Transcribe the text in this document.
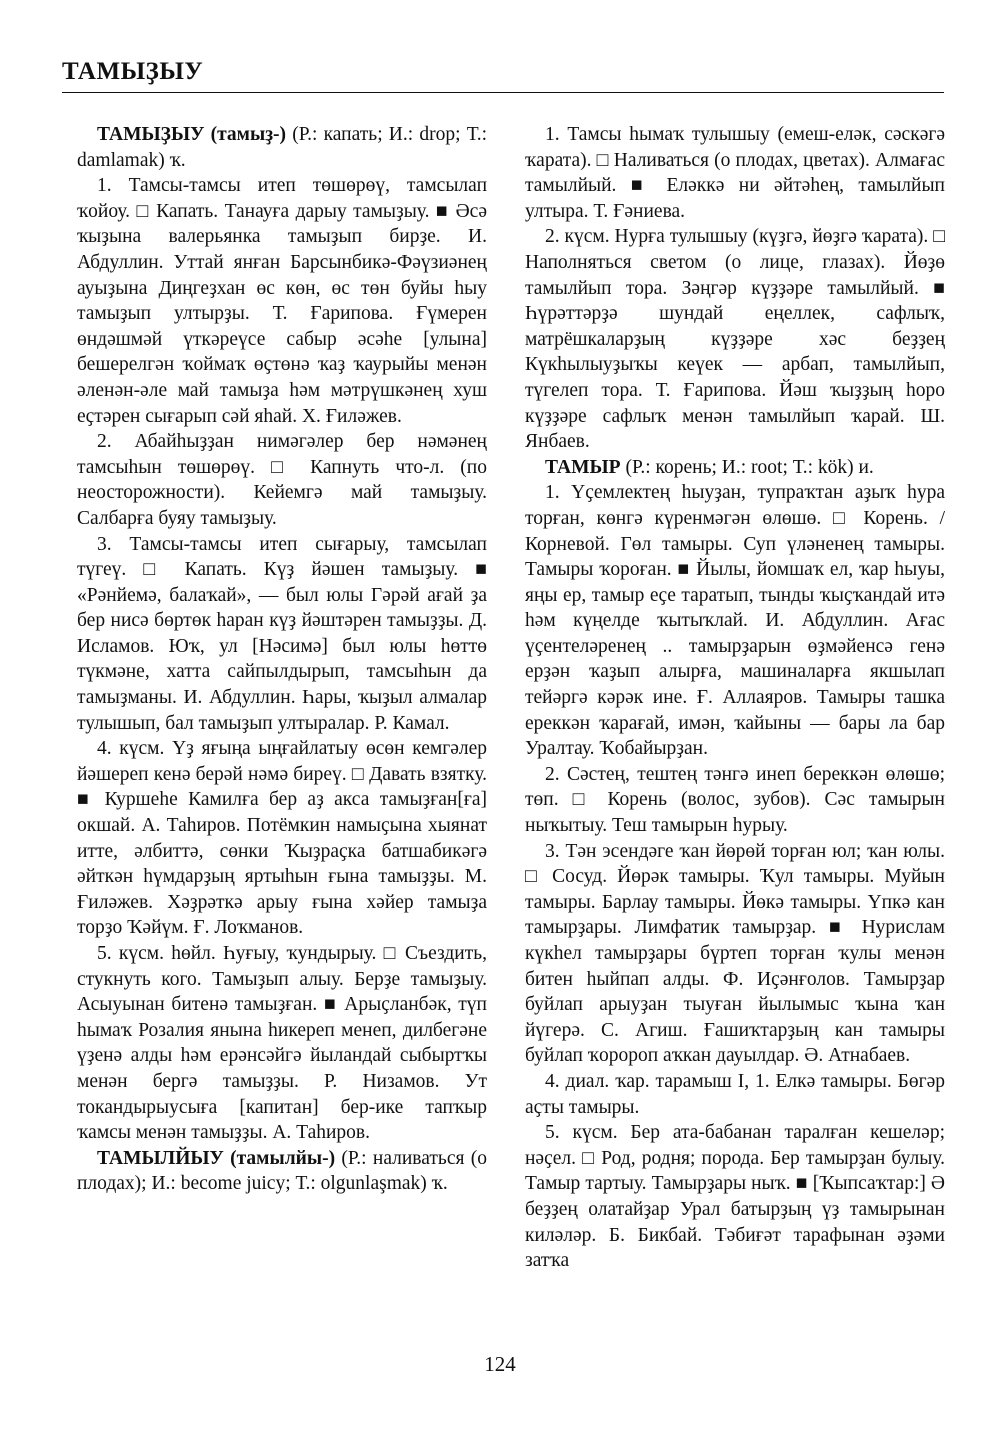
ТАМЫҘЫУ

ТАМЫҘЫУ (тамыҙ-) (Р.: капать; И.: drop; Т.: damlamak) ҡ.

1. Тамсы-тамсы итеп төшөрөү, тамсылап ҡойоу. □ Капать. Танауға дарыу тамыҙыу. ■ Әсә ҡыҙына валерьянка тамыҙып бирҙе. И. Абдуллин. Уттай янған Барсынбикә-Фәүзиәнең ауыҙына Диңгеҙхан өс көн, өс төн буйы һыу тамыҙып ултырҙы. Т. Ғарипова. Ғүмерен өндәшмәй үткәреүсе сабыр әсәһе [улына] бешерелгән ҡоймаҡ өҫтөнә ҡаҙ ҡаурыйы менән әленән-әле май тамыҙа һәм мәтрүшкәнең хуш еҫтәрен сығарып сәй яһай. Х. Ғиләжев.

2. Абайһыҙҙан нимәгәлер бер нәмәнең тамсыһын төшөрөү. □ Капнуть что-л. (по неосторожности). Кейемгә май тамыҙыу. Салбарға буяу тамыҙыу.

3. Тамсы-тамсы итеп сығарыу, тамсылап түгеү. □ Капать. Күҙ йәшен тамыҙыу. ■ «Рәнйемә, балаҡай», — был юлы Гәрәй ағай ҙа бер нисә бөртөк һаран күҙ йәштәрен тамыҙҙы. Д. Исламов. Юҡ, ул [Нәсимә] был юлы һөттө түкмәне, хатта сайпылдырып, тамсыһын да тамыҙманы. И. Абдуллин. Һары, ҡыҙыл алмалар тулышып, бал тамыҙып ултыралар. Р. Камал.

4. күсм. Үҙ яғыңа ыңғайлатыу өсөн кемгәлер йәшереп кенә берәй нәмә биреү. □ Давать взятку. ■ Куршеһе Камилға бер аҙ акса тамыҙған[ға] окшай. А. Таһиров. Потёмкин намыҫына хыянат итте, әлбиттә, сөнки Ҡыҙраҫка батшабикәгә әйткән һүмдарҙың яртыһын ғына тамыҙҙы. М. Ғиләжев. Хәҙрәткә арыу ғына хәйер тамыҙа торҙо Ҡәйүм. Ғ. Лоҡманов.

5. күсм. һөйл. Һуғыу, ҡундырыу. □ Съездить, стукнуть кого. Тамыҙып алыу. Берҙе тамыҙыу. Асыуынан битенә тамыҙған. ■ Арыҫланбәк, түп һымаҡ Розалия янына һикереп менеп, дилбегәне үҙенә алды һәм ерәнсәйгә йыландай сыбыртҡы менән бергә тамыҙҙы. Р. Низамов. Ут токандырыусыға [капитан] бер-ике тапҡыр ҡамсы менән тамыҙҙы. А. Таһиров.

ТАМЫЛЙЫУ (тамылйы-) (Р.: наливаться (о плодах); И.: become juicy; Т.: olgunlaşmak) ҡ.

1. Тамсы һымаҡ тулышыу (емеш-еләк, сәскәгә ҡарата). □ Наливаться (о плодах, цветах). Алмағас тамылйый. ■ Еләккә ни әйтәһең, тамылйып ултыра. Т. Ғәниева.

2. күсм. Нурға тулышыу (күҙгә, йөҙгә ҡарата). □ Наполняться светом (о лице, глазах). Йөҙө тамылйып тора. Зәңгәр күҙҙәре тамылйый. ■ Һүрәттәрҙә шундай еңеллек, сафлыҡ, матрёшкаларҙың күҙҙәре хәс беҙҙең Күкһылыуҙыҡы кеүек — арбап, тамылйып, түгелеп тора. Т. Ғарипова. Йәш ҡыҙҙың һоро күҙҙәре сафлыҡ менән тамылйып ҡарай. Ш. Янбаев.

ТАМЫР (Р.: корень; И.: root; Т.: kök) и.

1. Үҫемлектең һыуҙан, тупраҡтан аҙыҡ һура торған, көнгә күренмәгән өлөшө. □ Корень. / Корневой. Гөл тамыры. Суп үләненең тамыры. Тамыры ҡороған. ■ Йылы, йомшаҡ ел, ҡар һыуы, яңы ер, тамыр еҫе таратып, тынды ҡыҫҡандай итә һәм күңелде ҡытыҡлай. И. Абдуллин. Ағас үҫентеләренең .. тамырҙарын өҙмәйенсә генә ерҙән ҡаҙып алырға, машиналарға якшылап тейәргә кәрәк ине. Ғ. Аллаяров. Тамыры ташка ереккән ҡарағай, имән, ҡайыны — бары ла бар Уралтау. Ҡобайырҙан.

2. Сәстең, тештең тәнгә инеп береккән өлөшө; төп. □ Корень (волос, зубов). Сәс тамырын ныҡытыу. Теш тамырын һурыу.

3. Тән эсендәге ҡан йөрөй торған юл; ҡан юлы. □ Сосуд. Йөрәк тамыры. Ҡул тамыры. Муйын тамыры. Барлау тамыры. Йөкә тамыры. Үпкә кан тамырҙары. Лимфатик тамырҙар. ■ Нурислам күкһел тамырҙары бүртеп торған ҡулы менән битен һыйпап алды. Ф. Иҫәнғолов. Тамырҙар буйлап арыуҙан тыуған йылымыс ҡына ҡан йүгерә. С. Агиш. Ғашиҡтарҙың кан тамыры буйлап ҡоророп аҡкан дауылдар. Ә. Атнабаев.

4. диал. ҡар. тарамыш I, 1. Елкә тамыры. Бөгәр аҫты тамыры.

5. күсм. Бер ата-бабанан таралған кешеләр; нәҫел. □ Род, родня; порода. Бер тамырҙан булыу. Тамыр тартыу. Тамырҙары ныҡ. ■ [Ҡыпсаҡтар:] Ә беҙҙең олатайҙар Урал батырҙың үҙ тамырынан киләләр. Б. Бикбай. Тәбиғәт тарафынан әҙәми затҡа

124
